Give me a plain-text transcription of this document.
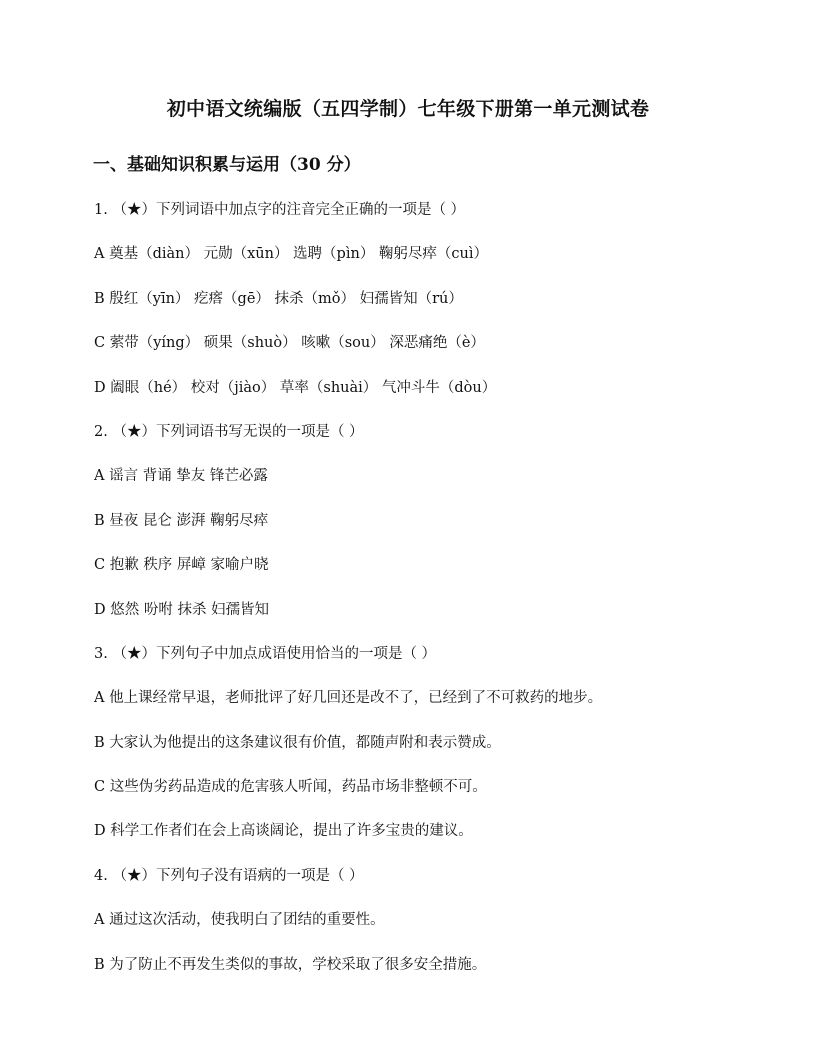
初中语文统编版（五四学制）七年级下册第一单元测试卷
一、基础知识积累与运用（30 分）
1. （★）下列词语中加点字的注音完全正确的一项是（ ）
A 奠基（diàn） 元勋（xūn） 选聘（pìn） 鞠躬尽瘁（cuì）
B 殷红（yīn） 疙瘩（gē） 抹杀（mǒ） 妇孺皆知（rú）
C 萦带（yíng） 硕果（shuò） 咳嗽（sou） 深恶痛绝（è）
D 阖眼（hé） 校对（jiào） 草率（shuài） 气冲斗牛（dòu）
2. （★）下列词语书写无误的一项是（ ）
A 谣言 背诵 挚友 锋芒必露
B 昼夜 昆仑 澎湃 鞠躬尽瘁
C 抱歉 秩序 屏嶂 家喻户晓
D 悠然 吩咐 抹杀 妇孺皆知
3. （★）下列句子中加点成语使用恰当的一项是（ ）
A 他上课经常早退，老师批评了好几回还是改不了，已经到了不可救药的地步。
B 大家认为他提出的这条建议很有价值，都随声附和表示赞成。
C 这些伪劣药品造成的危害骇人听闻，药品市场非整顿不可。
D 科学工作者们在会上高谈阔论，提出了许多宝贵的建议。
4. （★）下列句子没有语病的一项是（ ）
A 通过这次活动，使我明白了团结的重要性。
B 为了防止不再发生类似的事故，学校采取了很多安全措施。
